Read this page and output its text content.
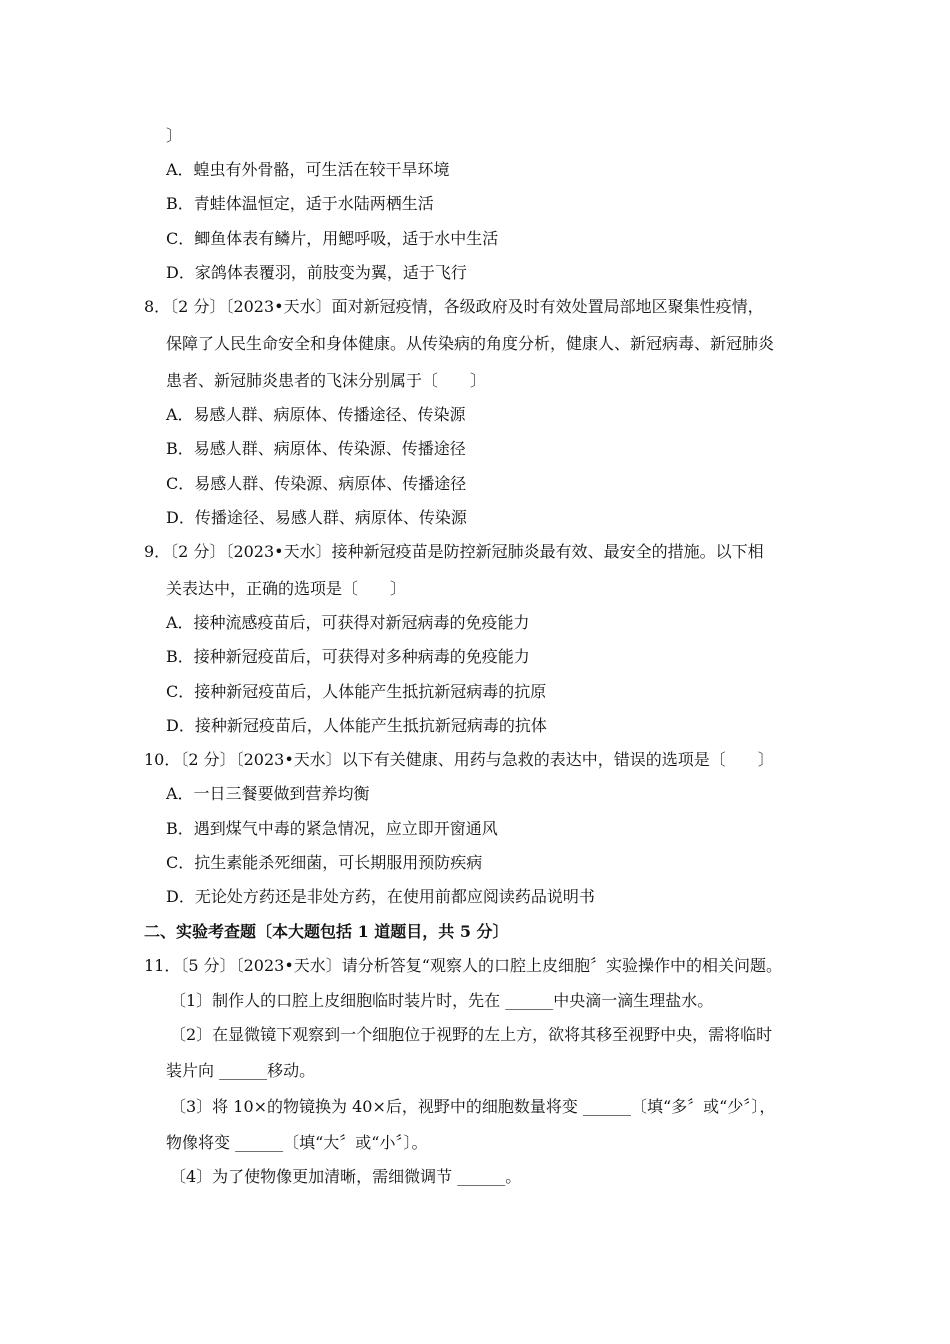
〕
A．蝗虫有外骨骼，可生活在较干旱环境
B．青蛙体温恒定，适于水陆两栖生活
C．鲫鱼体表有鳞片，用鳃呼吸，适于水中生活
D．家鸽体表覆羽，前肢变为翼，适于飞行
8．〔2 分〕〔2023•天水〕面对新冠疫情，各级政府及时有效处置局部地区聚集性疫情，
保障了人民生命安全和身体健康。从传染病的角度分析，健康人、新冠病毒、新冠肺炎
患者、新冠肺炎患者的飞沫分别属于〔　　〕
A．易感人群、病原体、传播途径、传染源
B．易感人群、病原体、传染源、传播途径
C．易感人群、传染源、病原体、传播途径
D．传播途径、易感人群、病原体、传染源
9．〔2 分〕〔2023•天水〕接种新冠疫苗是防控新冠肺炎最有效、最安全的措施。以下相
关表达中，正确的选项是〔　　〕
A．接种流感疫苗后，可获得对新冠病毒的免疫能力
B．接种新冠疫苗后，可获得对多种病毒的免疫能力
C．接种新冠疫苗后，人体能产生抵抗新冠病毒的抗原
D．接种新冠疫苗后，人体能产生抵抗新冠病毒的抗体
10．〔2 分〕〔2023•天水〕以下有关健康、用药与急救的表达中，错误的选项是〔　　〕
A．一日三餐要做到营养均衡
B．遇到煤气中毒的紧急情况，应立即开窗通风
C．抗生素能杀死细菌，可长期服用预防疾病
D．无论处方药还是非处方药，在使用前都应阅读药品说明书
二、实验考查题〔本大题包括 1 道题目，共 5 分〕
11．〔5 分〕〔2023•天水〕请分析答复“观察人的口腔上皮细胞〞实验操作中的相关问题。
〔1〕制作人的口腔上皮细胞临时装片时，先在 ______中央滴一滴生理盐水。
〔2〕在显微镜下观察到一个细胞位于视野的左上方，欲将其移至视野中央，需将临时
装片向 ______移动。
〔3〕将 10×的物镜换为 40×后，视野中的细胞数量将变 ______〔填“多〞或“少〞〕，
物像将变 ______〔填“大〞或“小〞〕。
〔4〕为了使物像更加清晰，需细微调节 ______。
